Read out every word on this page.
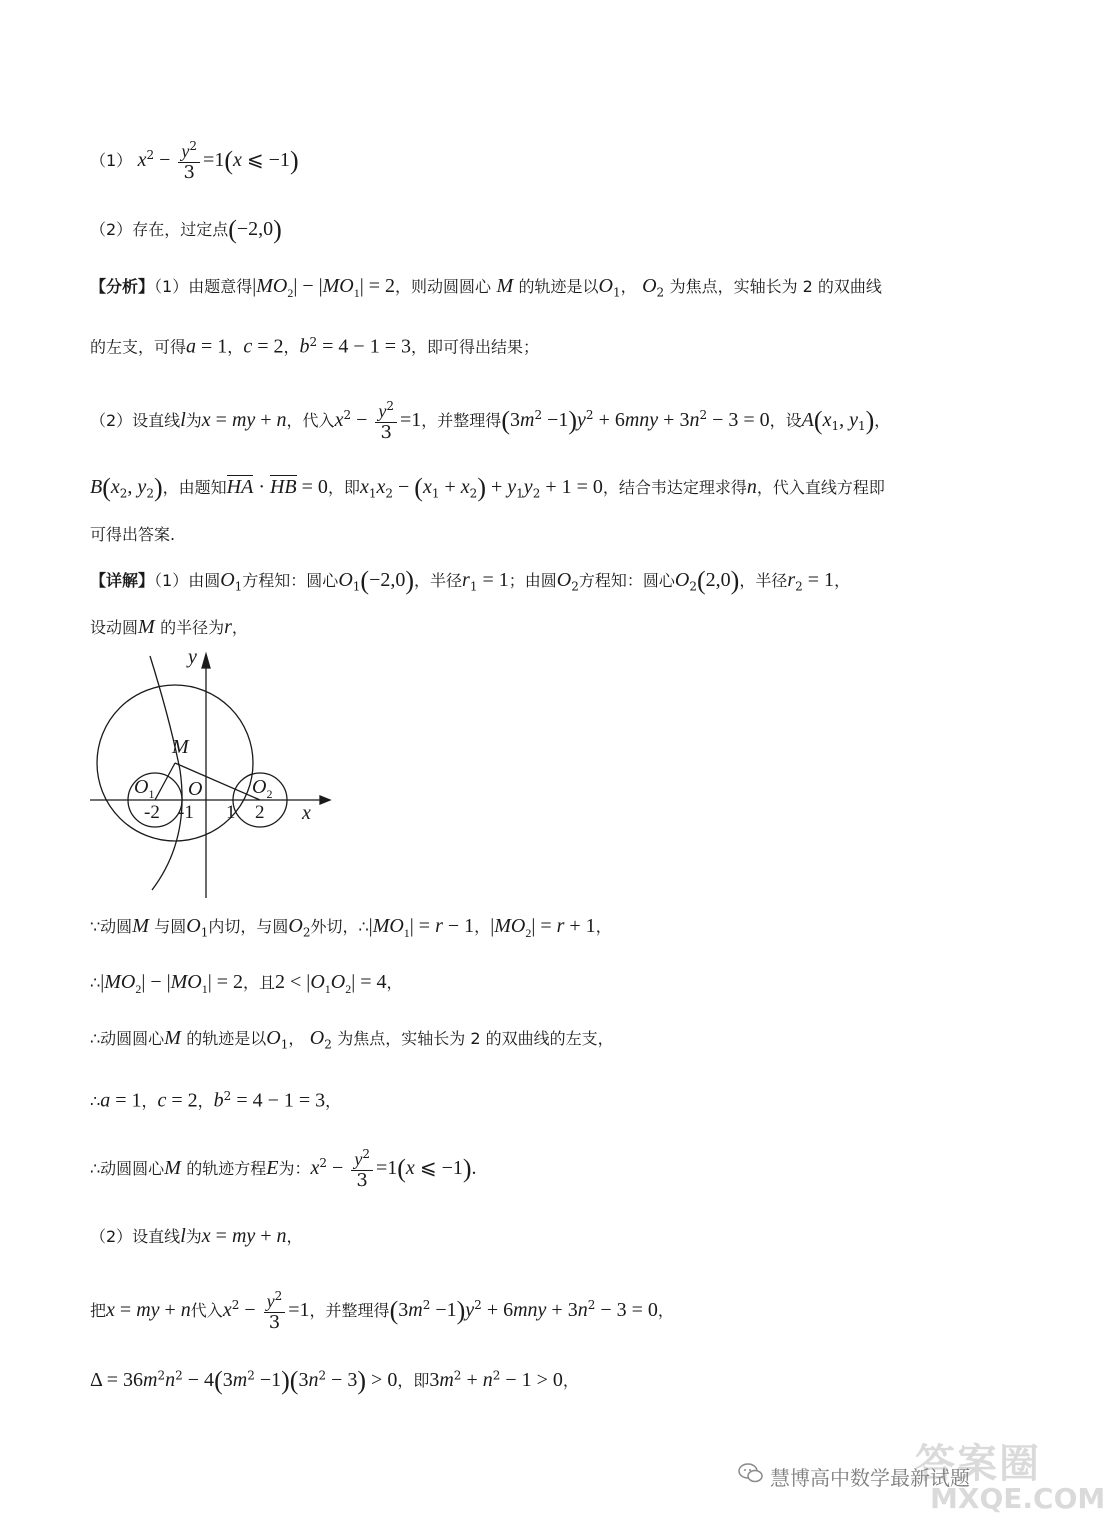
（1） $x^2 - \frac{y^2}{3} =1(x$ ⩽ −1)
（2）存在，过定点(−2,0)
【分析】（1）由题意得$|MO_2| - |MO_1| = 2$，则动圆圆心 M 的轨迹是以$O_1$， $O_2$ 为焦点，实轴长为 2 的双曲线
的左支，可得a = 1，c = 2，$b^2 = 4 - 1 = 3$，即可得出结果；
（2）设直线l为x = my + n，代入$x^2 - \frac{y^2}{3} =1$，并整理得$(3m^2 -1)y^2 + 6mny + 3n^2 - 3 = 0$，设$A(x_1$, $y_1$)，
$B(x_2$, $y_2$)，由题知HA · HB = 0，即$x_1x_2 - (x_1 + x_2) + y_1y_2 + 1 = 0$，结合韦达定理求得n，代入直线方程即
可得出答案.
【详解】（1）由圆$O_1$方程知：圆心$O_1(-2,0)$，半径$r_1 = 1$；由圆$O_2$方程知：圆心$O_2(2,0)$，半径$r_2 = 1$，
设动圆M 的半径为r，
y
x
M
O
$O_1$	$O_2$
-2 -1 1 2
∵动圆M 与圆$O_1$内切，与圆$O_2$外切，$\therefore|MO_1| = r - 1$，$|MO_2| = r + 1$，
$\therefore|MO_2| - |MO_1| = 2$，且$2 < |O_1O_2| = 4$，
∴动圆圆心M 的轨迹是以$O_1$， $O_2$ 为焦点，实轴长为 2 的双曲线的左支，
∴a = 1，c = 2，$b^2 = 4 - 1 = 3$，
∴动圆圆心M 的轨迹方程E为：$x^2 - \frac{y^2}{3} =1(x$ ⩽ −1).
（2）设直线l为x = my + n，
把x = my + n代入$x^2 - \frac{y^2}{3} =1$，并整理得$(3m^2 -1)y^2 + 6mny + 3n^2 - 3 = 0$，
$\Delta = 36m^2n^2 - 4(3m^2 -1)(3n^2 - 3) > 0$，即$3m^2 + n^2 - 1 > 0$，
答案圈
慧博高中数学最新试题
MXQE.COM
